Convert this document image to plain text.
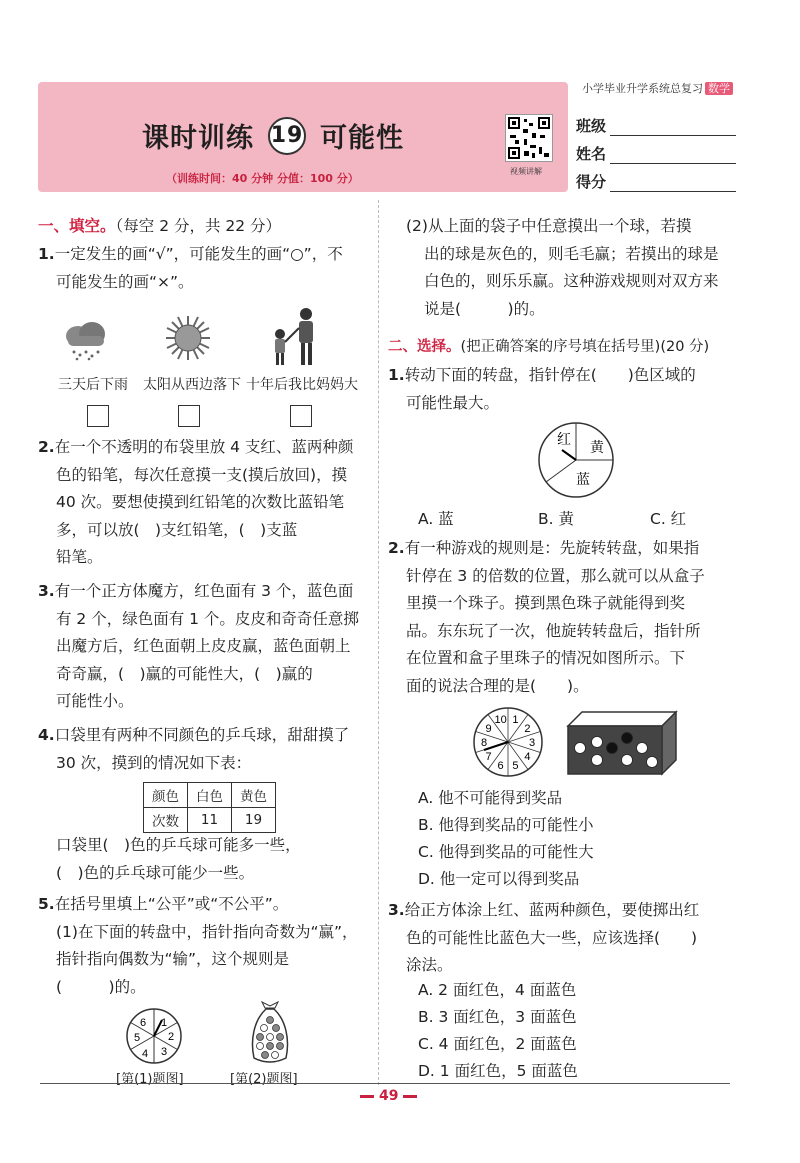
小学毕业升学系统总复习 数学
课时训练 19 可能性
（训练时间：40 分钟 分值：100 分）
视频讲解
班级
姓名
得分
一、填空。（每空 2 分，共 22 分）
1.一定发生的画“√”，可能发生的画“○”，不
可能发生的画“×”。
三天后下雨 太阳从西边落下 十年后我比妈妈大
2.在一个不透明的布袋里放 4 支红、蓝两种颜
色的铅笔，每次任意摸一支(摸后放回)，摸
40 次。要想使摸到红铅笔的次数比蓝铅笔
多，可以放(　)支红铅笔，(　)支蓝
铅笔。
3.有一个正方体魔方，红色面有 3 个，蓝色面
有 2 个，绿色面有 1 个。皮皮和奇奇任意掷
出魔方后，红色面朝上皮皮赢，蓝色面朝上
奇奇赢，(　)赢的可能性大，(　)赢的
可能性小。
4.口袋里有两种不同颜色的乒乓球，甜甜摸了
30 次，摸到的情况如下表：
颜色	白色	黄色
次数	11	19
口袋里(　)色的乒乓球可能多一些，
(　)色的乒乓球可能少一些。
5.在括号里填上“公平”或“不公平”。
(1)在下面的转盘中，指针指向奇数为“赢”，
指针指向偶数为“输”，这个规则是
(　　　)的。
1
2
3
4
5
6
[第(1)题图]	[第(2)题图]
(2)从上面的袋子中任意摸出一个球，若摸
出的球是灰色的，则毛毛赢；若摸出的球是
白色的，则乐乐赢。这种游戏规则对双方来
说是(　　　)的。
二、选择。(把正确答案的序号填在括号里)(20 分)
1.转动下面的转盘，指针停在(　　)色区域的
可能性最大。
红 黄
蓝
A. 蓝	B. 黄	C. 红
2.有一种游戏的规则是：先旋转转盘，如果指
针停在 3 的倍数的位置，那么就可以从盒子
里摸一个珠子。摸到黑色珠子就能得到奖
品。东东玩了一次，他旋转转盘后，指针所
在位置和盒子里珠子的情况如图所示。下
面的说法合理的是(　　)。
1
2
3
4
5
6
7
8
9
10
A. 他不可能得到奖品
B. 他得到奖品的可能性小
C. 他得到奖品的可能性大
D. 他一定可以得到奖品
3.给正方体涂上红、蓝两种颜色，要使掷出红
色的可能性比蓝色大一些，应该选择(　　)
涂法。
A. 2 面红色，4 面蓝色
B. 3 面红色，3 面蓝色
C. 4 面红色，2 面蓝色
D. 1 面红色，5 面蓝色
49
